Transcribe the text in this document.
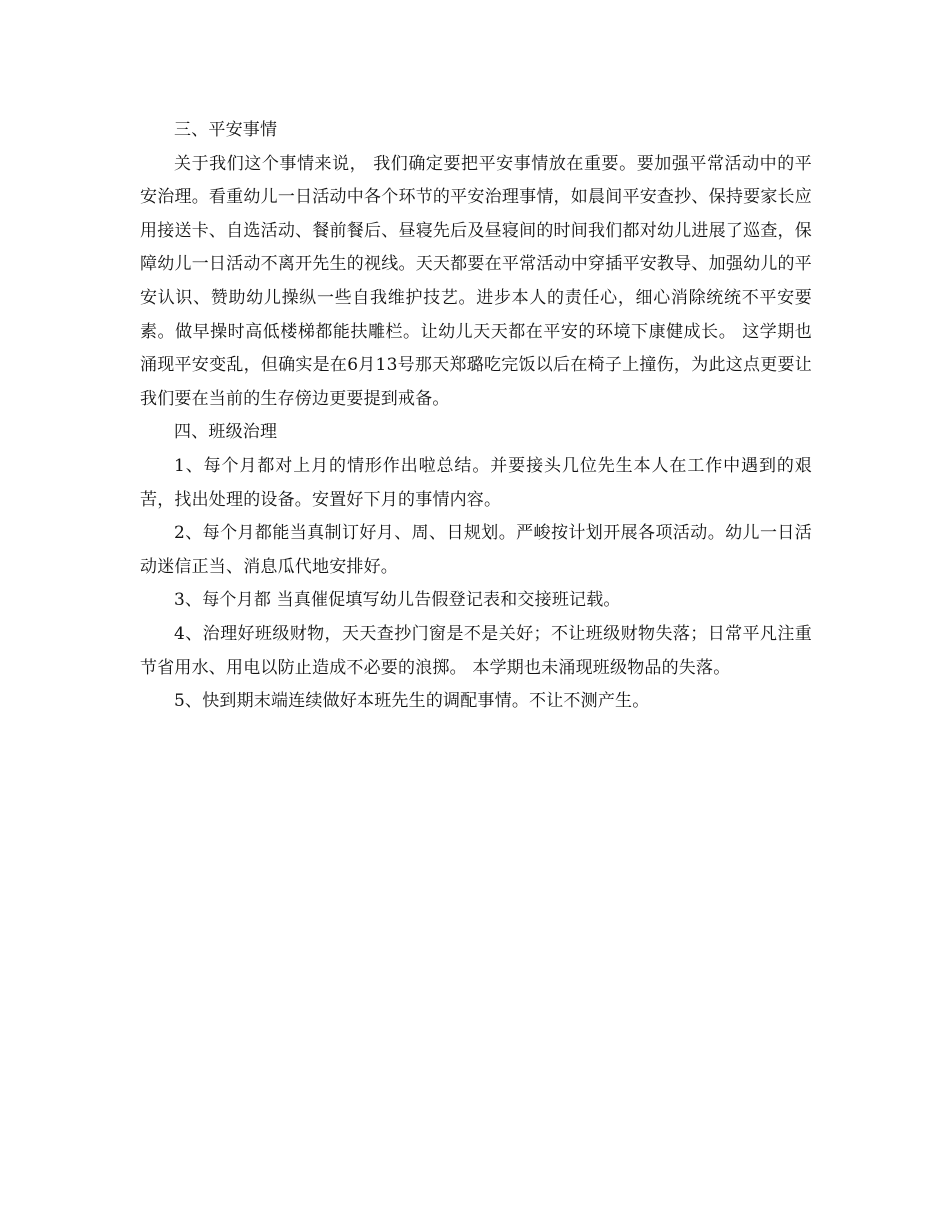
三、平安事情

关于我们这个事情来说， 我们确定要把平安事情放在重要。要加强平常活动中的平安治理。看重幼儿一日活动中各个环节的平安治理事情，如晨间平安查抄、保持要家长应用接送卡、自选活动、餐前餐后、昼寝先后及昼寝间的时间我们都对幼儿进展了巡查，保障幼儿一日活动不离开先生的视线。天天都要在平常活动中穿插平安教导、加强幼儿的平安认识、赞助幼儿操纵一些自我维护技艺。进步本人的责任心，细心消除统统不平安要素。做早操时高低楼梯都能扶雕栏。让幼儿天天都在平安的环境下康健成长。 这学期也涌现平安变乱，但确实是在6月13号那天郑璐吃完饭以后在椅子上撞伤，为此这点更要让我们要在当前的生存傍边更要提到戒备。

四、班级治理

1、每个月都对上月的情形作出啦总结。并要接头几位先生本人在工作中遇到的艰苦，找出处理的设备。安置好下月的事情内容。

2、每个月都能当真制订好月、周、日规划。严峻按计划开展各项活动。幼儿一日活动迷信正当、消息瓜代地安排好。

3、每个月都 当真催促填写幼儿告假登记表和交接班记载。

4、治理好班级财物，天天查抄门窗是不是关好；不让班级财物失落；日常平凡注重节省用水、用电以防止造成不必要的浪掷。 本学期也未涌现班级物品的失落。

5、快到期末端连续做好本班先生的调配事情。不让不测产生。
